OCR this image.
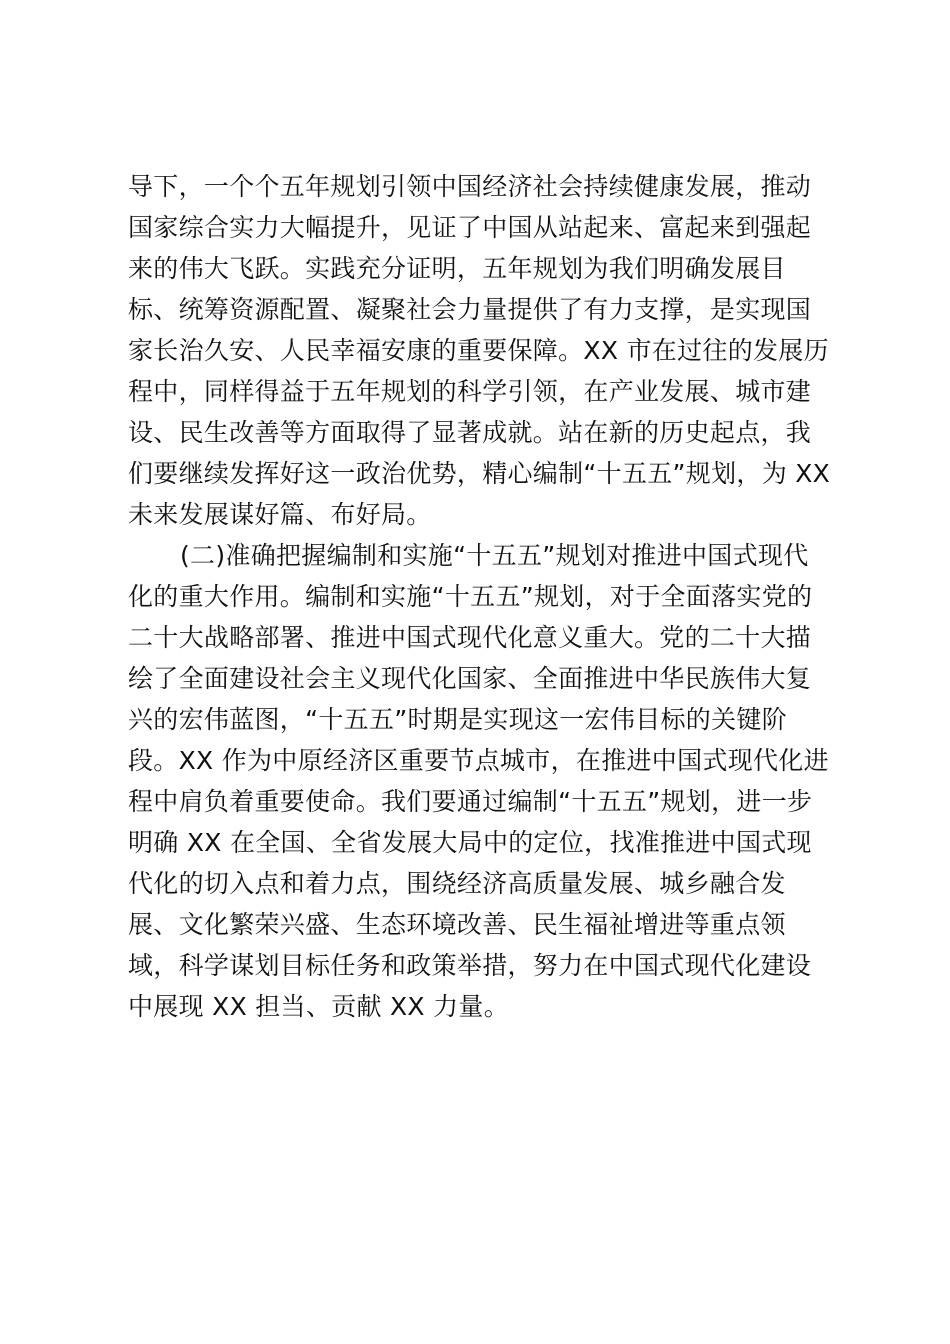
导下，一个个五年规划引领中国经济社会持续健康发展，推动
国家综合实力大幅提升，见证了中国从站起来、富起来到强起
来的伟大飞跃。实践充分证明，五年规划为我们明确发展目
标、统筹资源配置、凝聚社会力量提供了有力支撑，是实现国
家长治久安、人民幸福安康的重要保障。XX 市在过往的发展历
程中，同样得益于五年规划的科学引领，在产业发展、城市建
设、民生改善等方面取得了显著成就。站在新的历史起点，我
们要继续发挥好这一政治优势，精心编制“十五五”规划，为 XX
未来发展谋好篇、布好局。
(二)准确把握编制和实施“十五五”规划对推进中国式现代
化的重大作用。编制和实施“十五五”规划，对于全面落实党的
二十大战略部署、推进中国式现代化意义重大。党的二十大描
绘了全面建设社会主义现代化国家、全面推进中华民族伟大复
兴的宏伟蓝图，“十五五”时期是实现这一宏伟目标的关键阶
段。XX 作为中原经济区重要节点城市，在推进中国式现代化进
程中肩负着重要使命。我们要通过编制“十五五”规划，进一步
明确 XX 在全国、全省发展大局中的定位，找准推进中国式现
代化的切入点和着力点，围绕经济高质量发展、城乡融合发
展、文化繁荣兴盛、生态环境改善、民生福祉增进等重点领
域，科学谋划目标任务和政策举措，努力在中国式现代化建设
中展现 XX 担当、贡献 XX 力量。
